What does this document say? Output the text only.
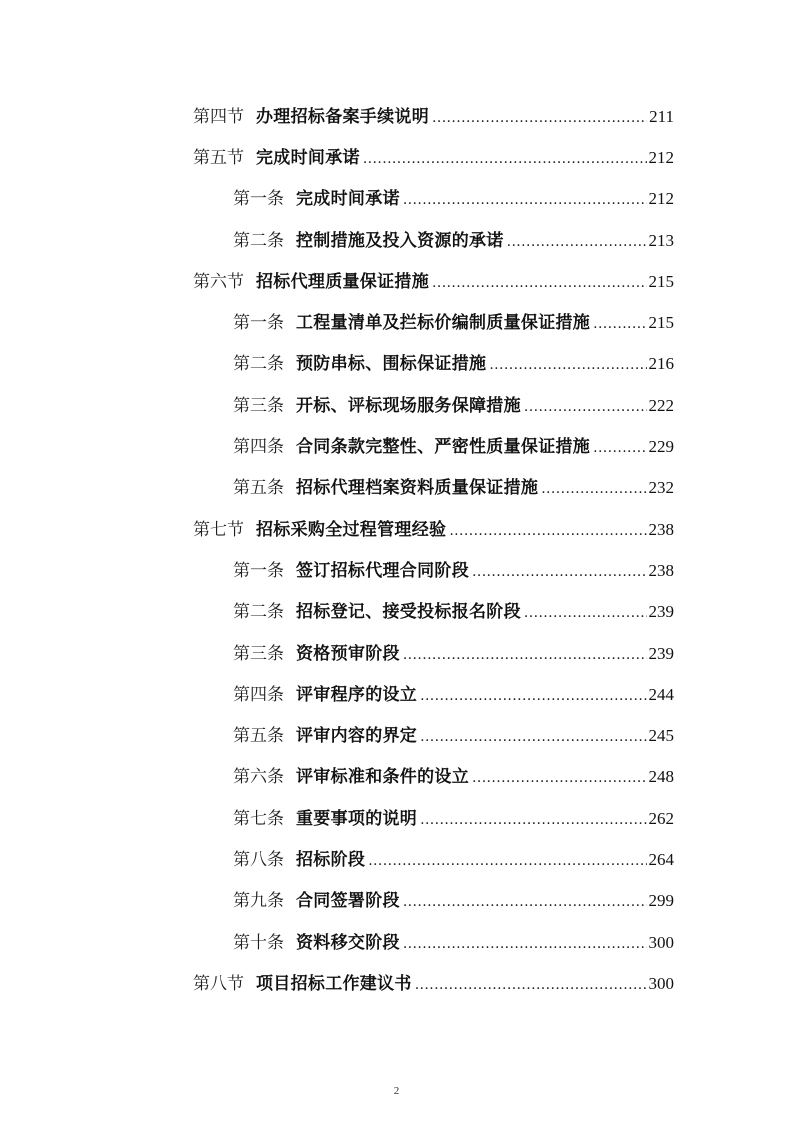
第四节 办理招标备案手续说明 .....	211
第五节 完成时间承诺 .....	212
第一条 完成时间承诺 .....	212
第二条 控制措施及投入资源的承诺 .....	213
第六节 招标代理质量保证措施 .....	215
第一条 工程量清单及拦标价编制质量保证措施 .....	215
第二条 预防串标、围标保证措施 .....	216
第三条 开标、评标现场服务保障措施 .....	222
第四条 合同条款完整性、严密性质量保证措施 .....	229
第五条 招标代理档案资料质量保证措施 .....	232
第七节 招标采购全过程管理经验 .....	238
第一条 签订招标代理合同阶段 .....	238
第二条 招标登记、接受投标报名阶段 .....	239
第三条 资格预审阶段 .....	239
第四条 评审程序的设立 .....	244
第五条 评审内容的界定 .....	245
第六条 评审标准和条件的设立 .....	248
第七条 重要事项的说明 .....	262
第八条 招标阶段 .....	264
第九条 合同签署阶段 .....	299
第十条 资料移交阶段 .....	300
第八节 项目招标工作建议书 .....	300
2
